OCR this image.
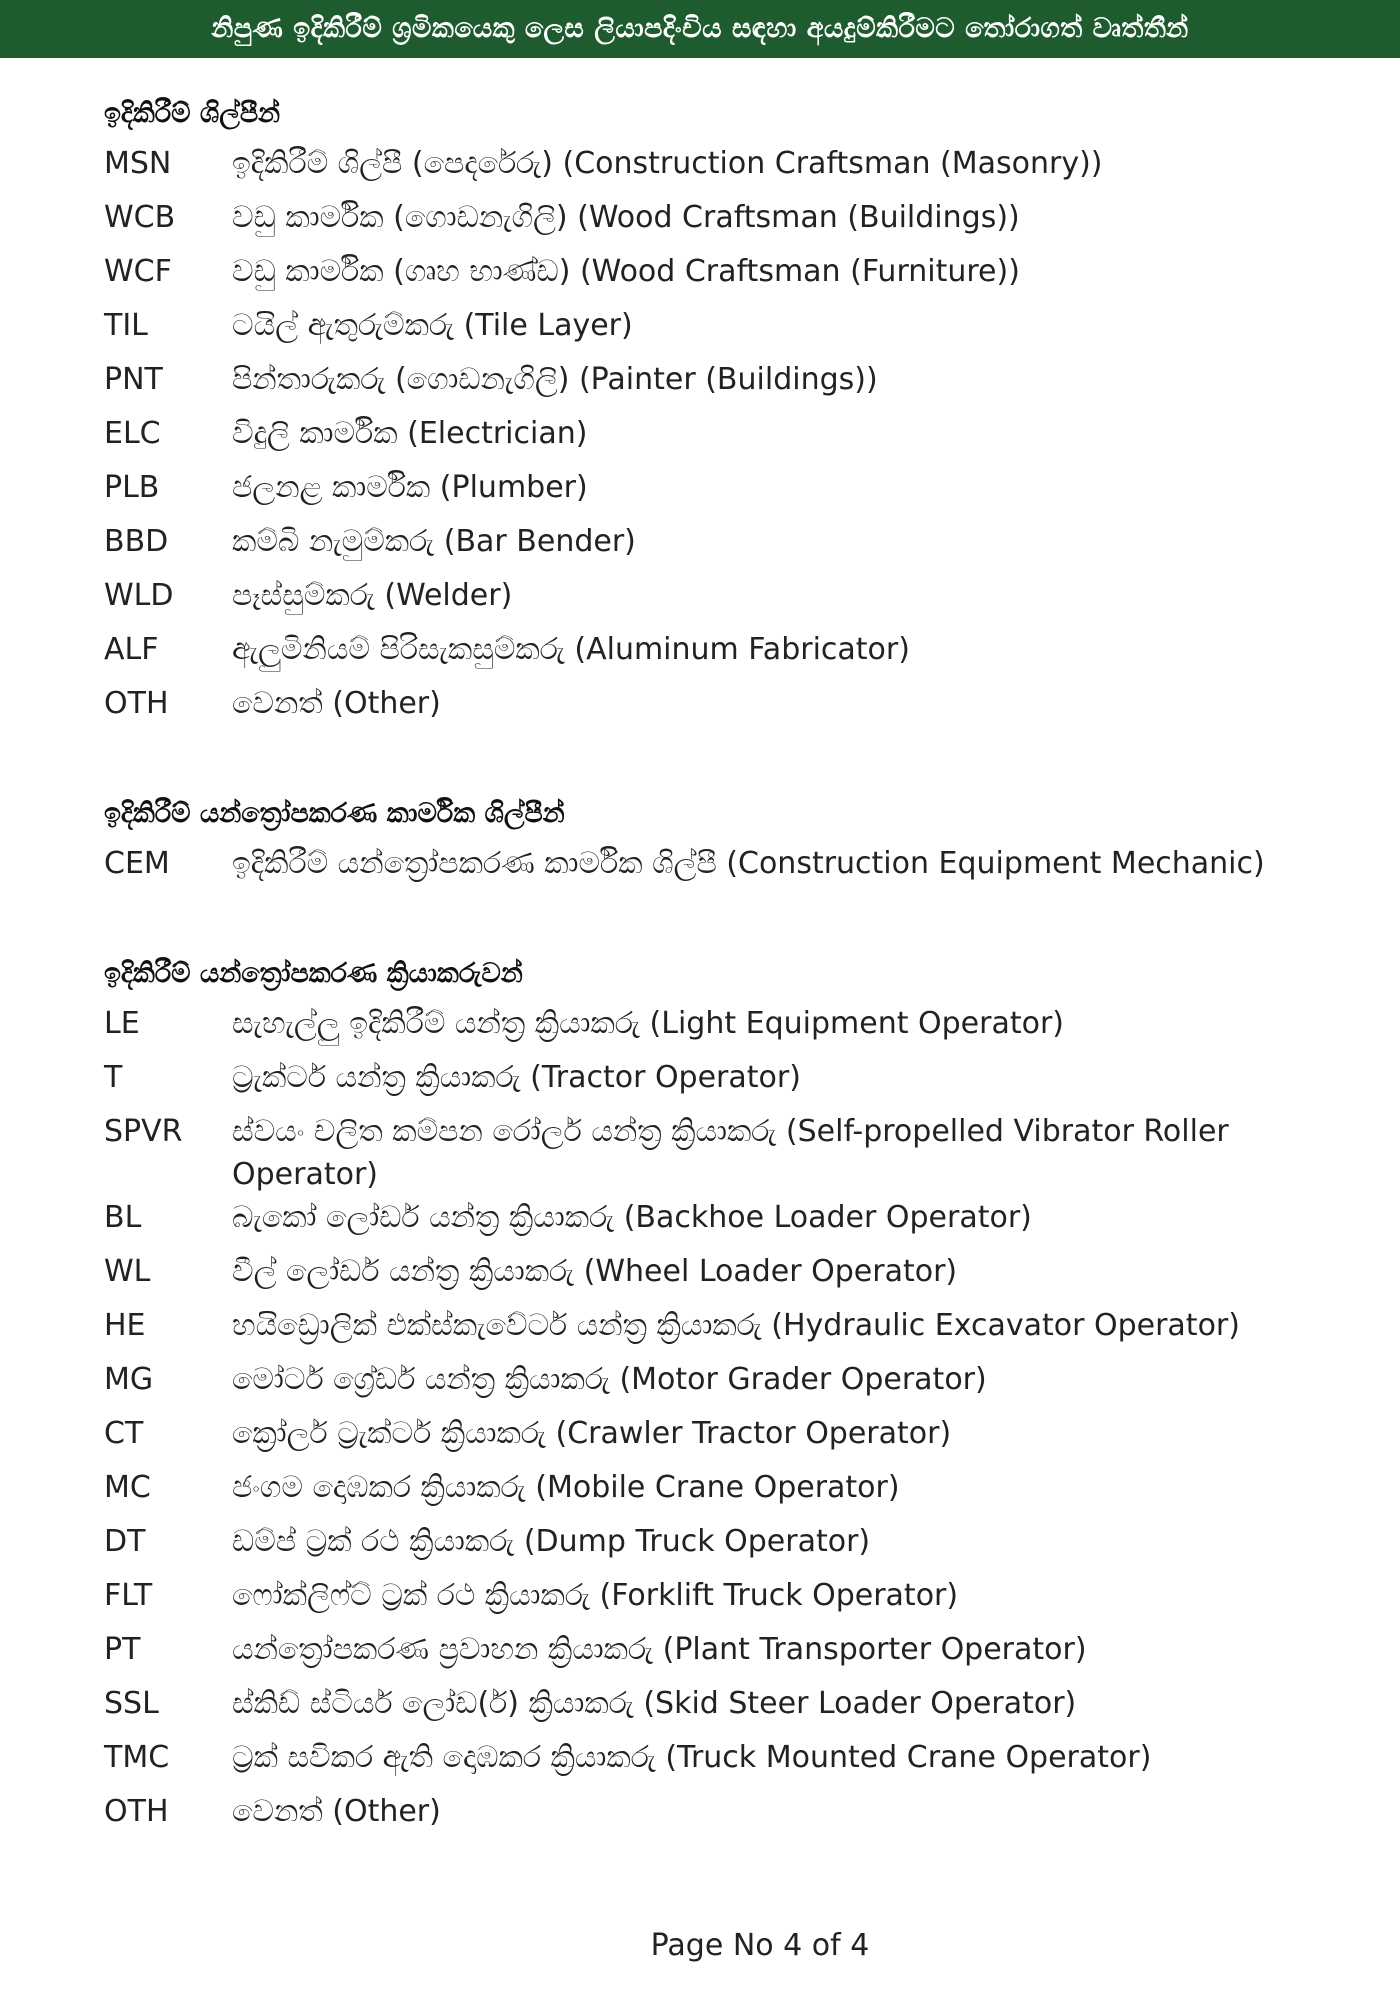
නිපුණ ඉදිකිරීම් ශ්‍රමිකයෙකු ලෙස ලියාපදිංචිය සඳහා අයදුම්කිරීමට තෝරාගත් වෘත්තීන්
ඉදිකිරීම් ශිල්පීන්
MSN	ඉදිකිරීම් ශිල්පී (පෙදරේරු) (Construction Craftsman (Masonry))
WCB	වඩු කාර්මික (ගොඩනැගිලි) (Wood Craftsman (Buildings))
WCF	වඩු කාර්මික (ගෘහ භාණ්ඩ) (Wood Craftsman (Furniture))
TIL	ටයිල් ඇතුරුම්කරු (Tile Layer)
PNT	පින්තාරුකරු (ගොඩනැගිලි) (Painter (Buildings))
ELC	විදුලි කාර්මික (Electrician)
PLB	ජලනළ කාර්මික (Plumber)
BBD	කම්බි නැමුම්කරු (Bar Bender)
WLD	පෑස්සුම්කරු (Welder)
ALF	ඇලුමිනියම් පිරිසැකසුම්කරු (Aluminum Fabricator)
OTH	වෙනත් (Other)
ඉදිකිරීම් යන්ත්‍රෝපකරණ කාර්මික ශිල්පීන්
CEM	ඉදිකිරීම් යන්ත්‍රෝපකරණ කාර්මික ශිල්පී (Construction Equipment Mechanic)
ඉදිකිරීම් යන්ත්‍රෝපකරණ ක්‍රියාකරුවන්
LE	සැහැල්ලු ඉදිකිරීම් යන්ත්‍ර ක්‍රියාකරු (Light Equipment Operator)
T	ට්‍රැක්ටර් යන්ත්‍ර ක්‍රියාකරු (Tractor Operator)
SPVR	ස්වයං චලිත කම්පන රෝලර් යන්ත්‍ර ක්‍රියාකරු (Self-propelled Vibrator Roller Operator)
BL	බැකෝ ලෝඩර් යන්ත්‍ර ක්‍රියාකරු (Backhoe Loader Operator)
WL	වීල් ලෝඩර් යන්ත්‍ර ක්‍රියාකරු (Wheel Loader Operator)
HE	හයිඩ්‍රොලික් එක්ස්කැවේටර් යන්ත්‍ර ක්‍රියාකරු (Hydraulic Excavator Operator)
MG	මෝටර් ග්‍රේඩර් යන්ත්‍ර ක්‍රියාකරු (Motor Grader Operator)
CT	ක්‍රෝලර් ට්‍රැක්ටර් ක්‍රියාකරු (Crawler Tractor Operator)
MC	ජංගම දොඹකර ක්‍රියාකරු (Mobile Crane Operator)
DT	ඩම්ප් ට්‍රක් රථ ක්‍රියාකරු (Dump Truck Operator)
FLT	ෆෝක්ලිෆ්ට් ට්‍රක් රථ ක්‍රියාකරු (Forklift Truck Operator)
PT	යන්ත්‍රෝපකරණ ප්‍රවාහන ක්‍රියාකරු (Plant Transporter Operator)
SSL	ස්කිඩ් ස්ටියර් ලෝඩ(ර්) ක්‍රියාකරු (Skid Steer Loader Operator)
TMC	ට්‍රක් සවිකර ඇති දොඹකර ක්‍රියාකරු (Truck Mounted Crane Operator)
OTH	වෙනත් (Other)
Page No 4 of 4
